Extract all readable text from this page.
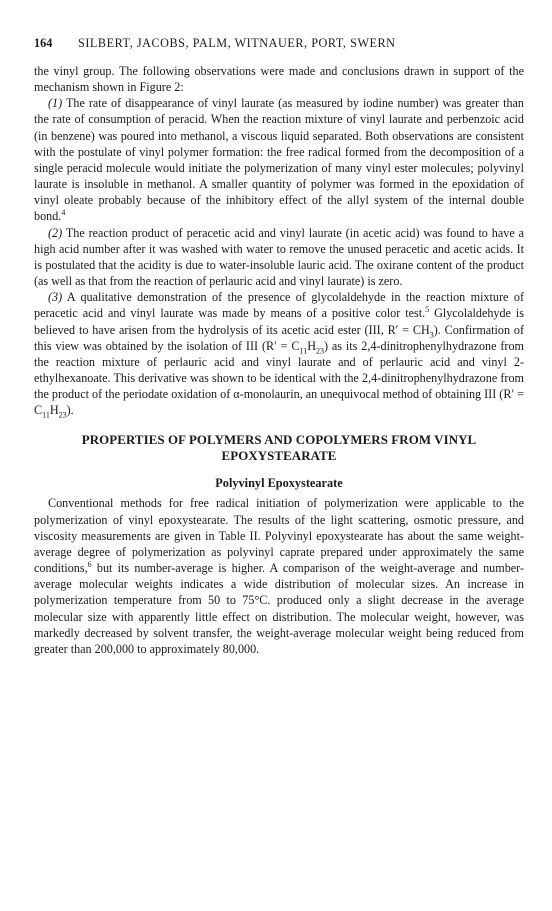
164 SILBERT, JACOBS, PALM, WITNAUER, PORT, SWERN

the vinyl group. The following observations were made and conclusions drawn in support of the mechanism shown in Figure 2:

(1) The rate of disappearance of vinyl laurate (as measured by iodine number) was greater than the rate of consumption of peracid. When the reaction mixture of vinyl laurate and perbenzoic acid (in benzene) was poured into methanol, a viscous liquid separated. Both observations are consistent with the postulate of vinyl polymer formation: the free radical formed from the decomposition of a single peracid molecule would initiate the polymerization of many vinyl ester molecules; polyvinyl laurate is insoluble in methanol. A smaller quantity of polymer was formed in the epoxidation of vinyl oleate probably because of the inhibitory effect of the allyl system of the internal double bond.$^4$

(2) The reaction product of peracetic acid and vinyl laurate (in acetic acid) was found to have a high acid number after it was washed with water to remove the unused peracetic and acetic acids. It is postulated that the acidity is due to water-insoluble lauric acid. The oxirane content of the product (as well as that from the reaction of perlauric acid and vinyl laurate) is zero.

(3) A qualitative demonstration of the presence of glycolaldehyde in the reaction mixture of peracetic acid and vinyl laurate was made by means of a positive color test.$^5$ Glycolaldehyde is believed to have arisen from the hydrolysis of its acetic acid ester (III, $R' = CH_3$). Confirmation of this view was obtained by the isolation of III $(R' = C_{11}H_{23})$ as its 2,4-dinitrophenylhydrazone from the reaction mixture of perlauric acid and vinyl laurate and of perlauric acid and vinyl 2-ethylhexanoate. This derivative was shown to be identical with the 2,4-dinitrophenylhydrazone from the product of the periodate oxidation of α-monolaurin, an unequivocal method of obtaining III $(R' = C_{11}H_{23})$.

PROPERTIES OF POLYMERS AND COPOLYMERS FROM VINYL EPOXYSTEARATE
Polyvinyl Epoxystearate

Conventional methods for free radical initiation of polymerization were applicable to the polymerization of vinyl epoxystearate. The results of the light scattering, osmotic pressure, and viscosity measurements are given in Table II. Polyvinyl epoxystearate has about the same weight-average degree of polymerization as polyvinyl caprate prepared under approximately the same conditions,$^6$ but its number-average is higher. A comparison of the weight-average and number-average molecular weights indicates a wide distribution of molecular sizes. An increase in polymerization temperature from 50 to 75°C. produced only a slight decrease in the average molecular size with apparently little effect on distribution. The molecular weight, however, was markedly decreased by solvent transfer, the weight-average molecular weight being reduced from greater than 200,000 to approximately 80,000.
